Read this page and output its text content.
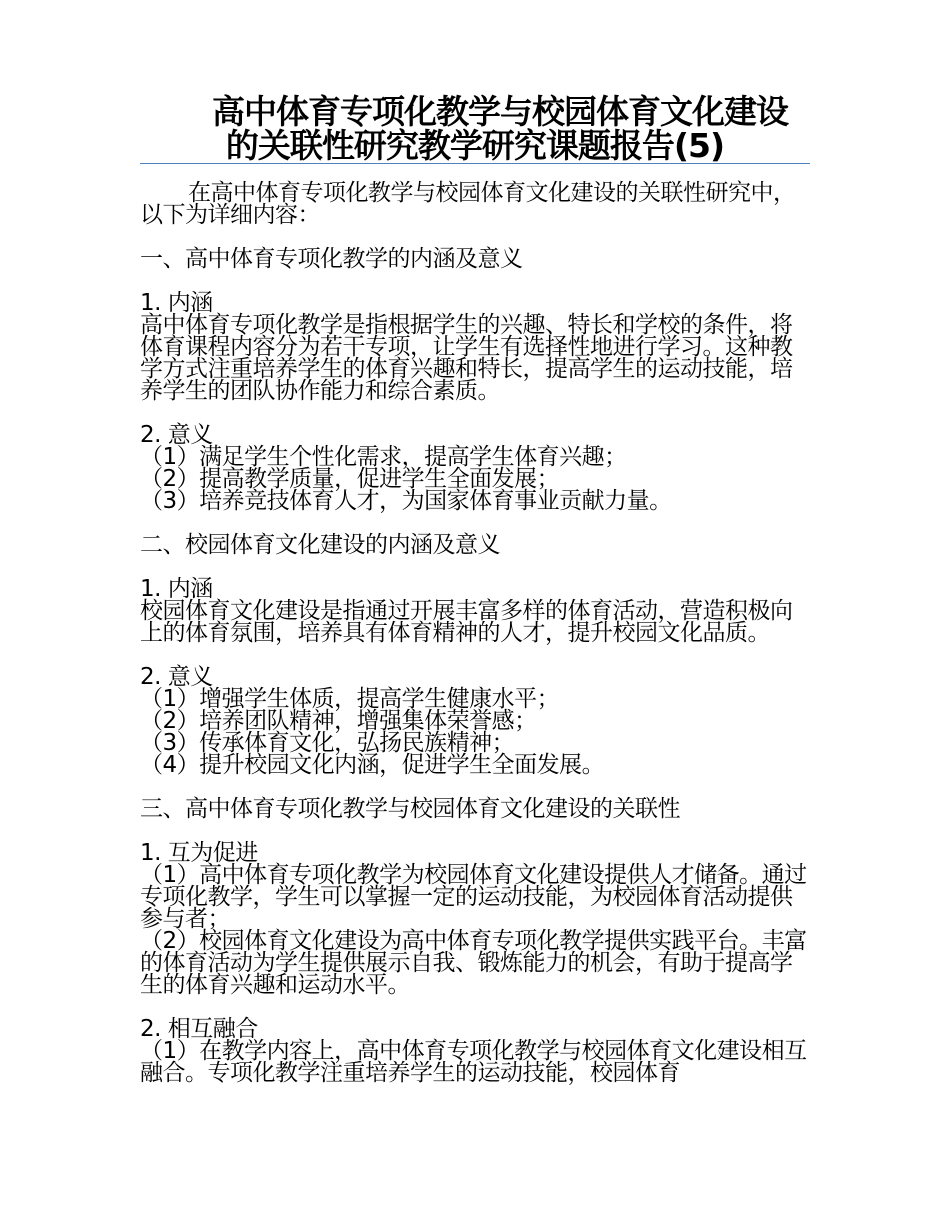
高中体育专项化教学与校园体育文化建设
的关联性研究教学研究课题报告(5)

在高中体育专项化教学与校园体育文化建设的关联性研究中，以下为详细内容：

一、高中体育专项化教学的内涵及意义

1. 内涵

高中体育专项化教学是指根据学生的兴趣、特长和学校的条件，将体育课程内容分为若干专项，让学生有选择性地进行学习。这种教学方式注重培养学生的体育兴趣和特长，提高学生的运动技能，培养学生的团队协作能力和综合素质。

2. 意义

（1）满足学生个性化需求，提高学生体育兴趣；

（2）提高教学质量，促进学生全面发展；

（3）培养竞技体育人才，为国家体育事业贡献力量。

二、校园体育文化建设的内涵及意义

1. 内涵

校园体育文化建设是指通过开展丰富多样的体育活动，营造积极向上的体育氛围，培养具有体育精神的人才，提升校园文化品质。

2. 意义

（1）增强学生体质，提高学生健康水平；

（2）培养团队精神，增强集体荣誉感；

（3）传承体育文化，弘扬民族精神；

（4）提升校园文化内涵，促进学生全面发展。

三、高中体育专项化教学与校园体育文化建设的关联性

1. 互为促进

（1）高中体育专项化教学为校园体育文化建设提供人才储备。通过专项化教学，学生可以掌握一定的运动技能，为校园体育活动提供参与者；

（2）校园体育文化建设为高中体育专项化教学提供实践平台。丰富的体育活动为学生提供展示自我、锻炼能力的机会，有助于提高学生的体育兴趣和运动水平。

2. 相互融合

（1）在教学内容上，高中体育专项化教学与校园体育文化建设相互融合。专项化教学注重培养学生的运动技能，校园体育
